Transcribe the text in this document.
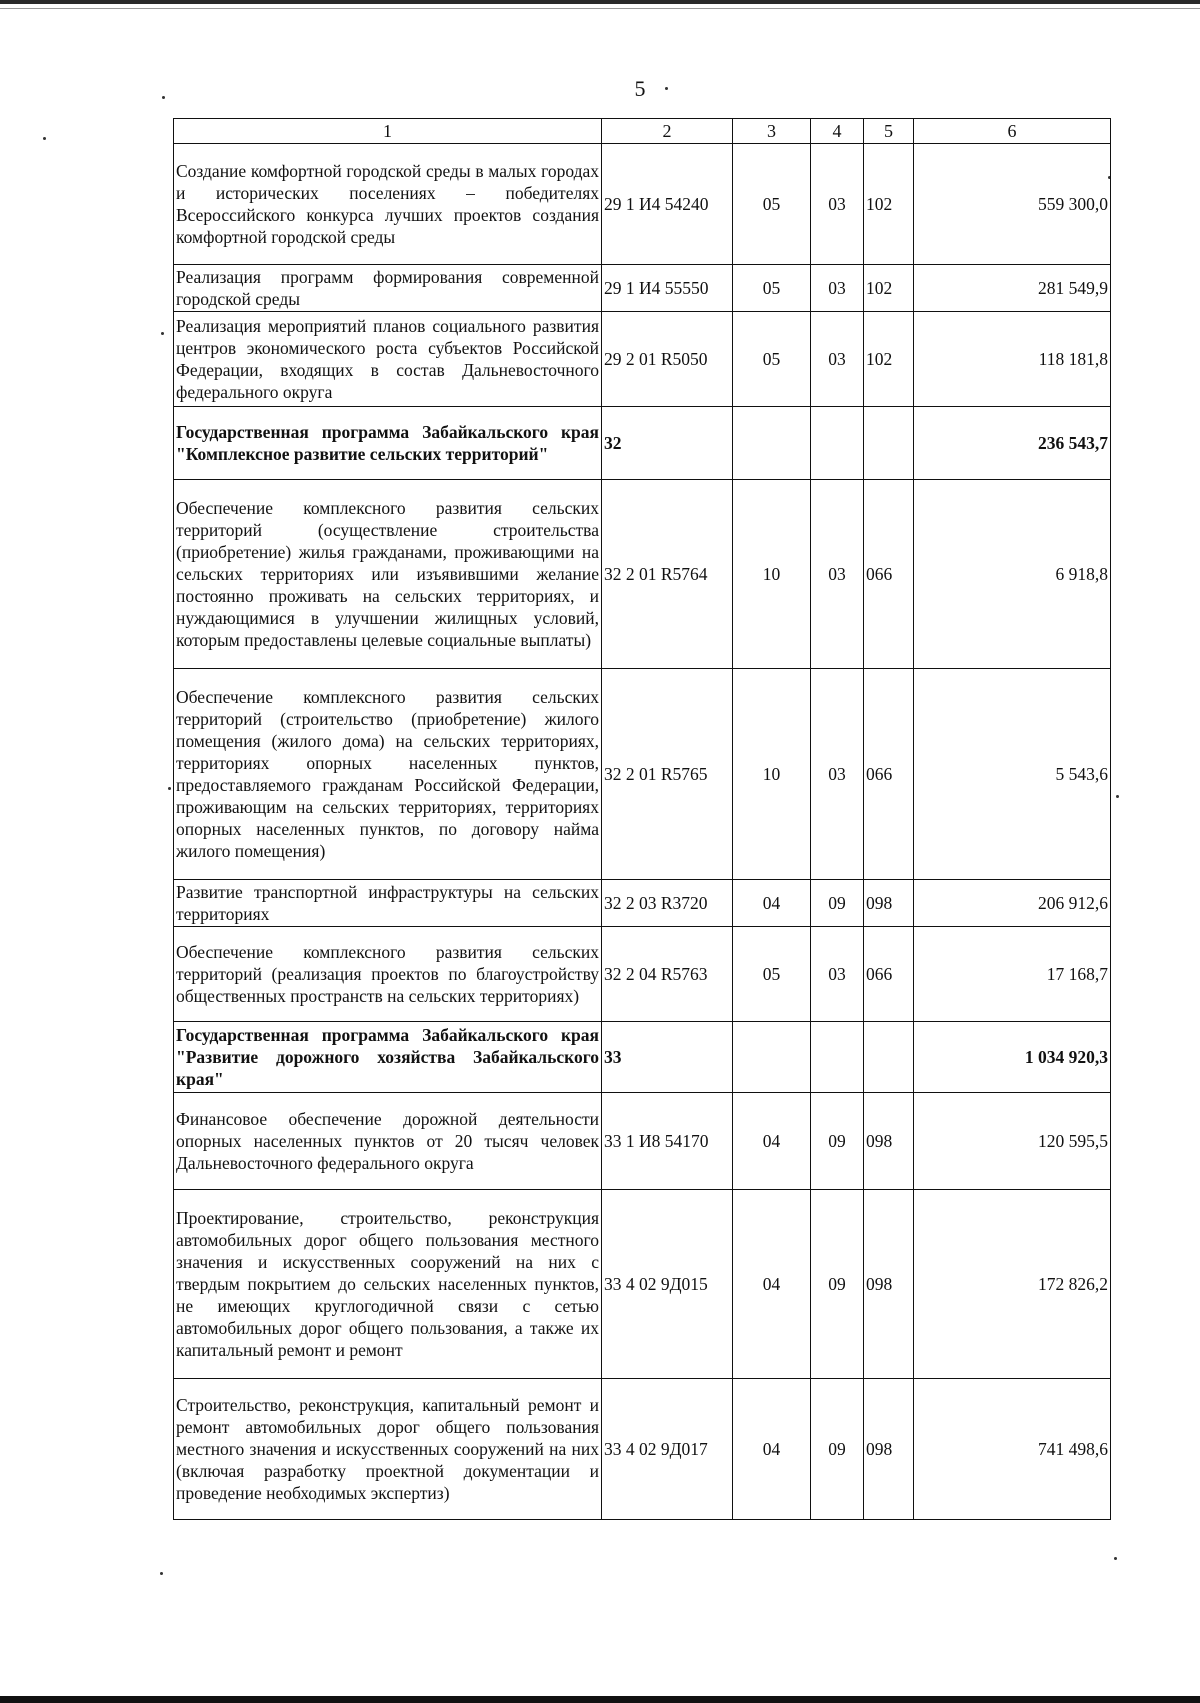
5
1	2	3	4	5	6
Создание комфортной городской среды в малых городах и исторических поселениях – победителях Всероссийского конкурса лучших проектов создания комфортной городской среды	29 1 И4 54240	05	03	102	559 300,0
Реализация программ формирования современной городской среды	29 1 И4 55550	05	03	102	281 549,9
Реализация мероприятий планов социального развития центров экономического роста субъектов Российской Федерации, входящих в состав Дальневосточного федерального округа	29 2 01 R5050	05	03	102	118 181,8
Государственная программа Забайкальского края "Комплексное развитие сельских территорий"	32				236 543,7
Обеспечение комплексного развития сельских территорий (осуществление строительства (приобретение) жилья гражданами, проживающими на сельских территориях или изъявившими желание постоянно проживать на сельских территориях, и нуждающимися в улучшении жилищных условий, которым предоставлены целевые социальные выплаты)	32 2 01 R5764	10	03	066	6 918,8
Обеспечение комплексного развития сельских территорий (строительство (приобретение) жилого помещения (жилого дома) на сельских территориях, территориях опорных населенных пунктов, предоставляемого гражданам Российской Федерации, проживающим на сельских территориях, территориях опорных населенных пунктов, по договору найма жилого помещения)	32 2 01 R5765	10	03	066	5 543,6
Развитие транспортной инфраструктуры на сельских территориях	32 2 03 R3720	04	09	098	206 912,6
Обеспечение комплексного развития сельских территорий (реализация проектов по благоустройству общественных пространств на сельских территориях)	32 2 04 R5763	05	03	066	17 168,7
Государственная программа Забайкальского края "Развитие дорожного хозяйства Забайкальского края"	33				1 034 920,3
Финансовое обеспечение дорожной деятельности опорных населенных пунктов от 20 тысяч человек Дальневосточного федерального округа	33 1 И8 54170	04	09	098	120 595,5
Проектирование, строительство, реконструкция автомобильных дорог общего пользования местного значения и искусственных сооружений на них с твердым покрытием до сельских населенных пунктов, не имеющих круглогодичной связи с сетью автомобильных дорог общего пользования, а также их капитальный ремонт и ремонт	33 4 02 9Д015	04	09	098	172 826,2
Строительство, реконструкция, капитальный ремонт и ремонт автомобильных дорог общего пользования местного значения и искусственных сооружений на них (включая разработку проектной документации и проведение необходимых экспертиз)	33 4 02 9Д017	04	09	098	741 498,6
